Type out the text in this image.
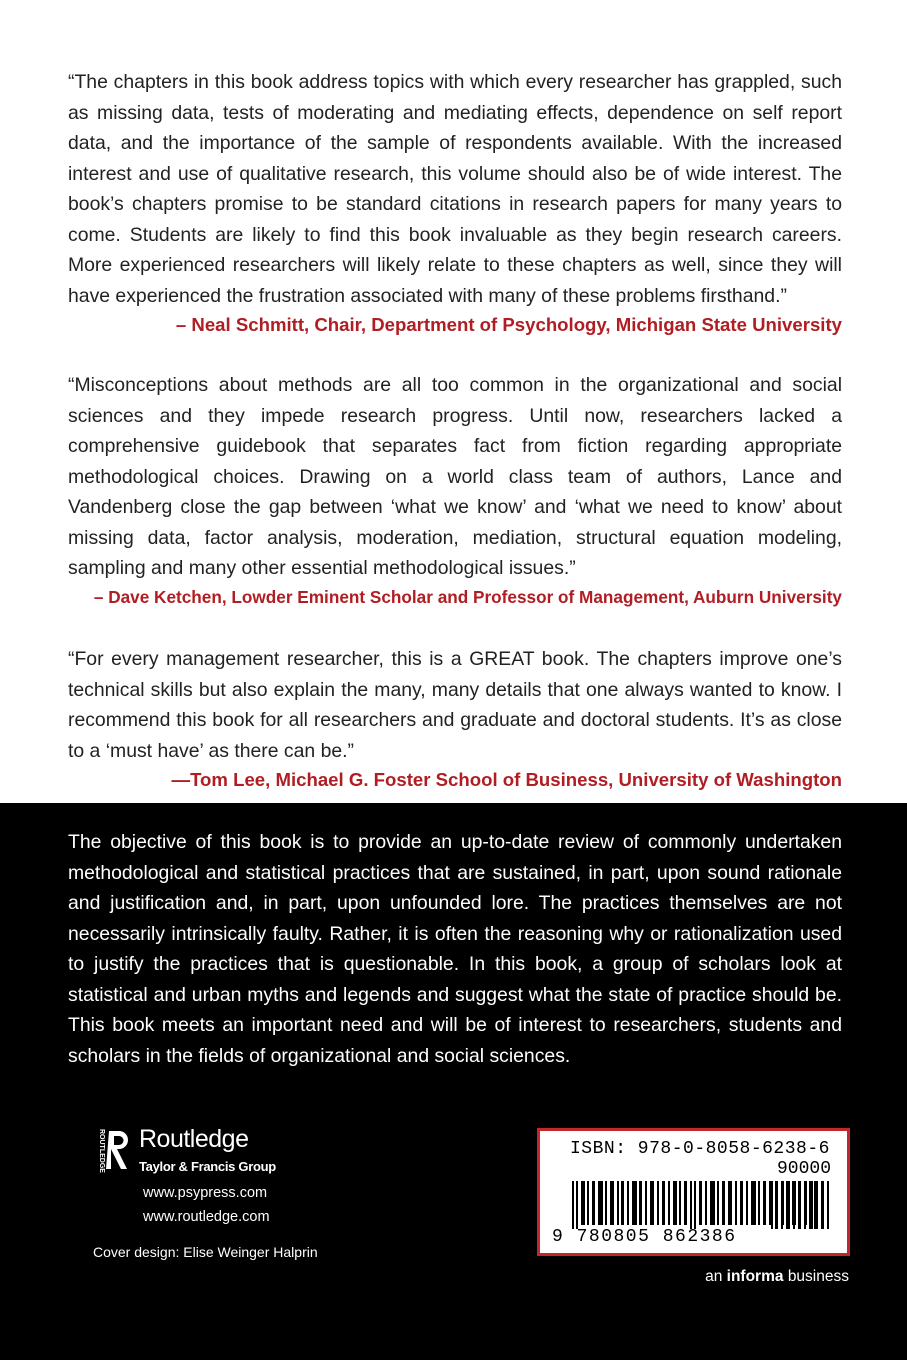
“The chapters in this book address topics with which every researcher has grappled, such as missing data, tests of moderating and mediating effects, dependence on self report data, and the importance of the sample of respondents available. With the increased interest and use of qualitative research, this volume should also be of wide interest. The book’s chapters promise to be standard citations in research papers for many years to come. Students are likely to find this book invaluable as they begin research careers. More experienced researchers will likely relate to these chapters as well, since they will have experienced the frustration associated with many of these problems firsthand.”

– Neal Schmitt, Chair, Department of Psychology, Michigan State University

“Misconceptions about methods are all too common in the organizational and social sciences and they impede research progress. Until now, researchers lacked a comprehensive guidebook that separates fact from fiction regarding appropriate methodological choices. Drawing on a world class team of authors, Lance and Vandenberg close the gap between ‘what we know’ and ‘what we need to know’ about missing data, factor analysis, moderation, mediation, structural equation modeling, sampling and many other essential methodological issues.”

– Dave Ketchen, Lowder Eminent Scholar and Professor of Management, Auburn University

“For every management researcher, this is a GREAT book. The chapters improve one’s technical skills but also explain the many, many details that one always wanted to know. I recommend this book for all researchers and graduate and doctoral students. It’s as close to a ‘must have’ as there can be.”

—Tom Lee, Michael G. Foster School of Business, University of Washington

The objective of this book is to provide an up-to-date review of commonly undertaken methodological and statistical practices that are sustained, in part, upon sound rationale and justification and, in part, upon unfounded lore. The practices themselves are not necessarily intrinsically faulty. Rather, it is often the reasoning why or rationalization used to justify the practices that is questionable. In this book, a group of scholars look at statistical and urban myths and legends and suggest what the state of practice should be. This book meets an important need and will be of interest to researchers, students and scholars in the fields of organizational and social sciences.

ROUTLEDGE Routledge
Taylor & Francis Group
www.psypress.com
www.routledge.com
Cover design: Elise Weinger Halprin
ISBN: 978-0-8058-6238-6
90000
9 780805 862386
an informa business
